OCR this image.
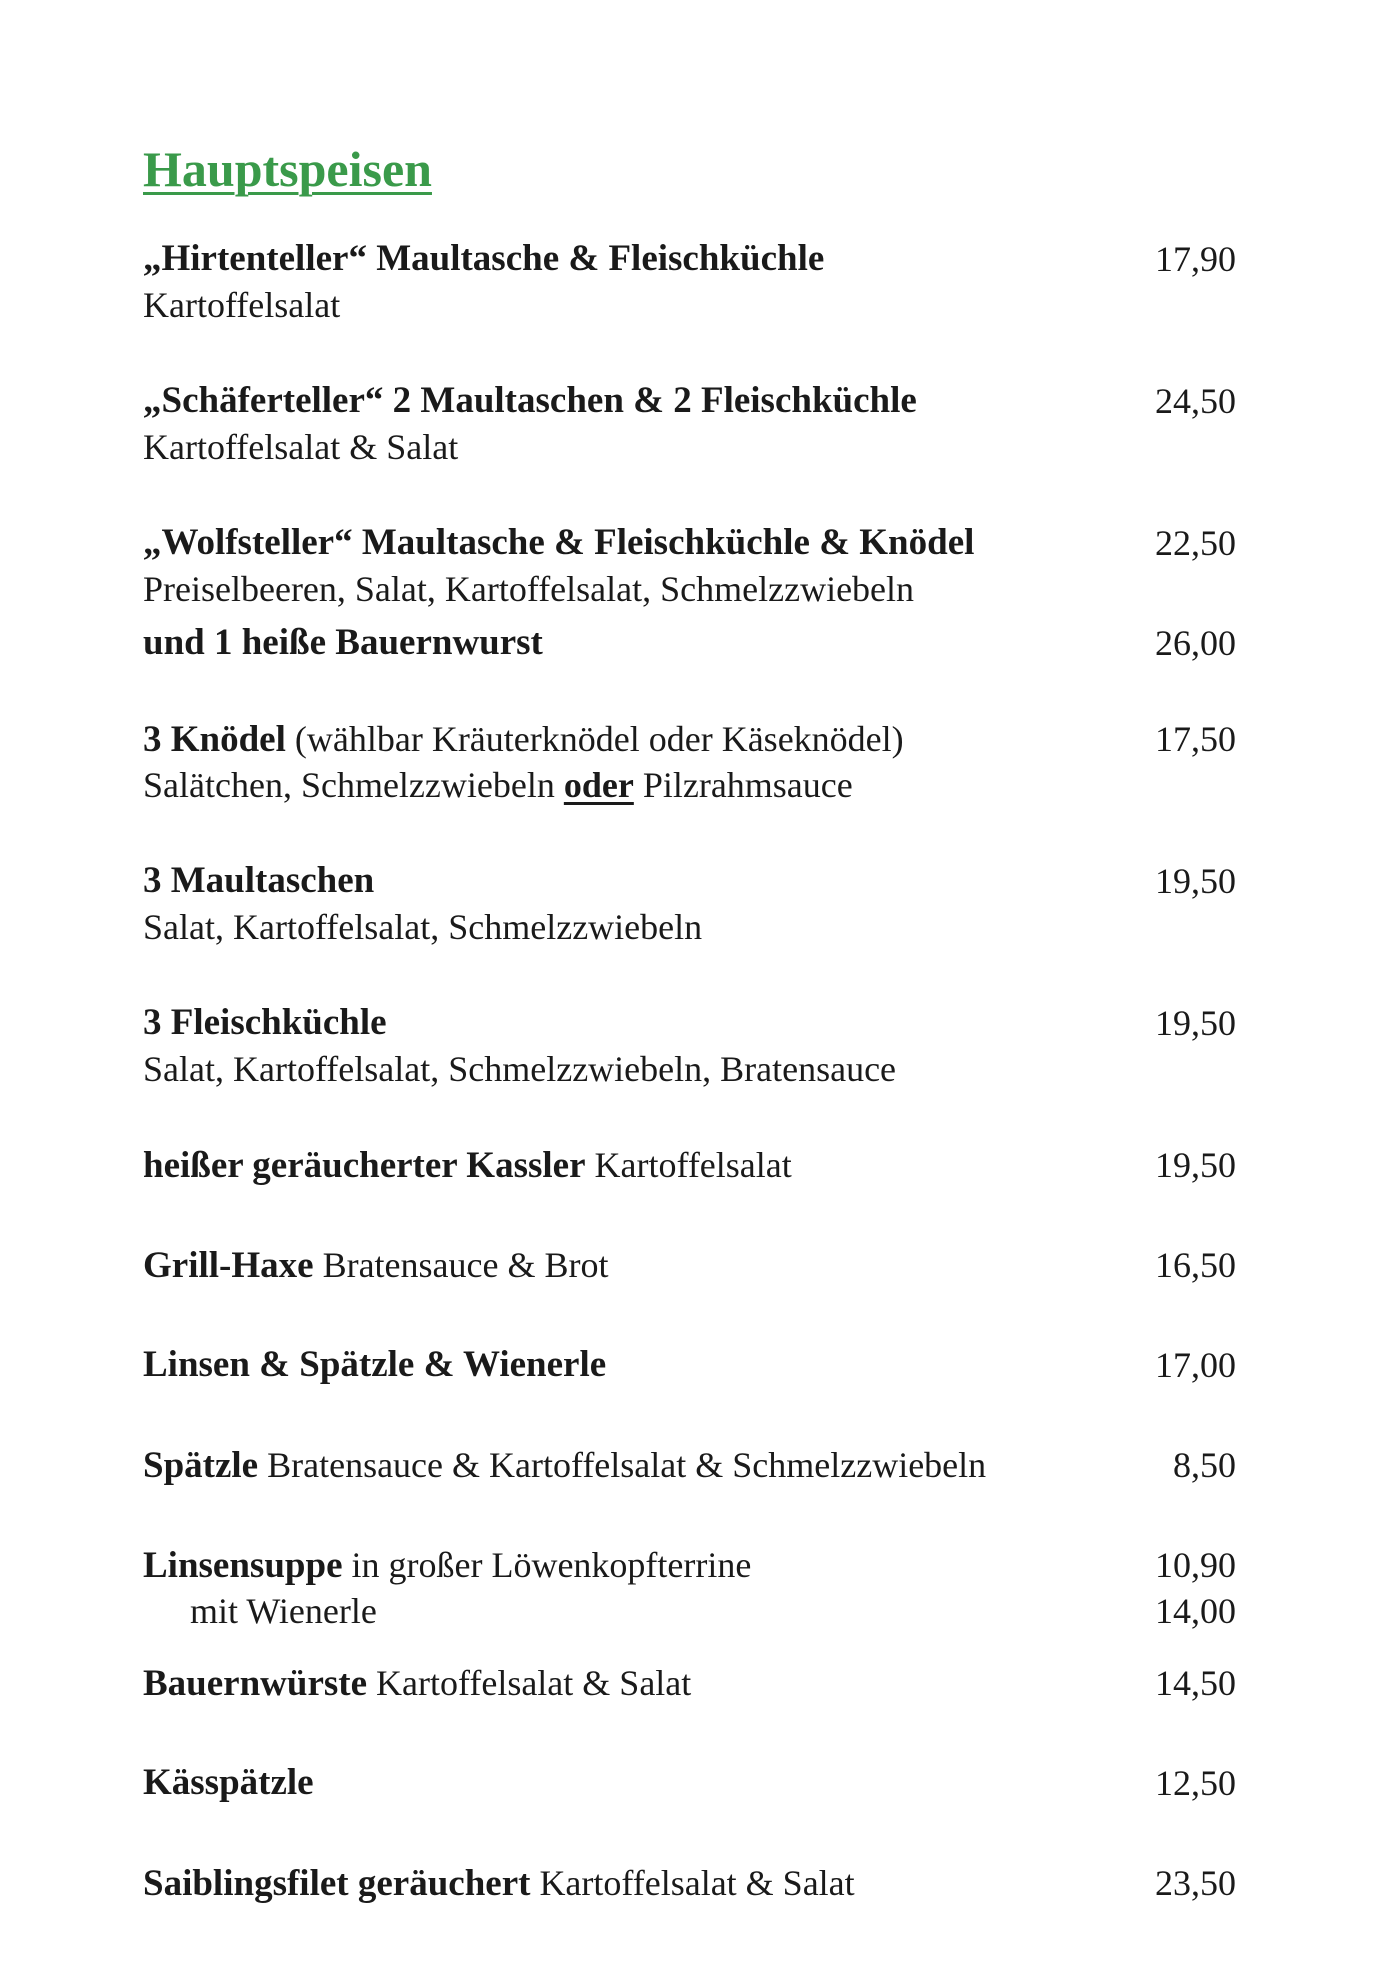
Hauptspeisen
„Hirtenteller“ Maultasche & Fleischküchle	17,90
Kartoffelsalat
„Schäferteller“ 2 Maultaschen & 2 Fleischküchle	24,50
Kartoffelsalat & Salat
„Wolfsteller“ Maultasche & Fleischküchle & Knödel	22,50
Preiselbeeren, Salat, Kartoffelsalat, Schmelzzwiebeln
und 1 heiße Bauernwurst	26,00
3 Knödel (wählbar Kräuterknödel oder Käseknödel)	17,50
Salätchen, Schmelzzwiebeln oder Pilzrahmsauce
3 Maultaschen	19,50
Salat, Kartoffelsalat, Schmelzzwiebeln
3 Fleischküchle	19,50
Salat, Kartoffelsalat, Schmelzzwiebeln, Bratensauce
heißer geräucherter Kassler Kartoffelsalat	19,50
Grill-Haxe Bratensauce & Brot	16,50
Linsen & Spätzle & Wienerle	17,00
Spätzle Bratensauce & Kartoffelsalat & Schmelzzwiebeln	8,50
Linsensuppe in großer Löwenkopfterrine	10,90
mit Wienerle	14,00
Bauernwürste Kartoffelsalat & Salat	14,50
Kässpätzle	12,50
Saiblingsfilet geräuchert Kartoffelsalat & Salat	23,50
